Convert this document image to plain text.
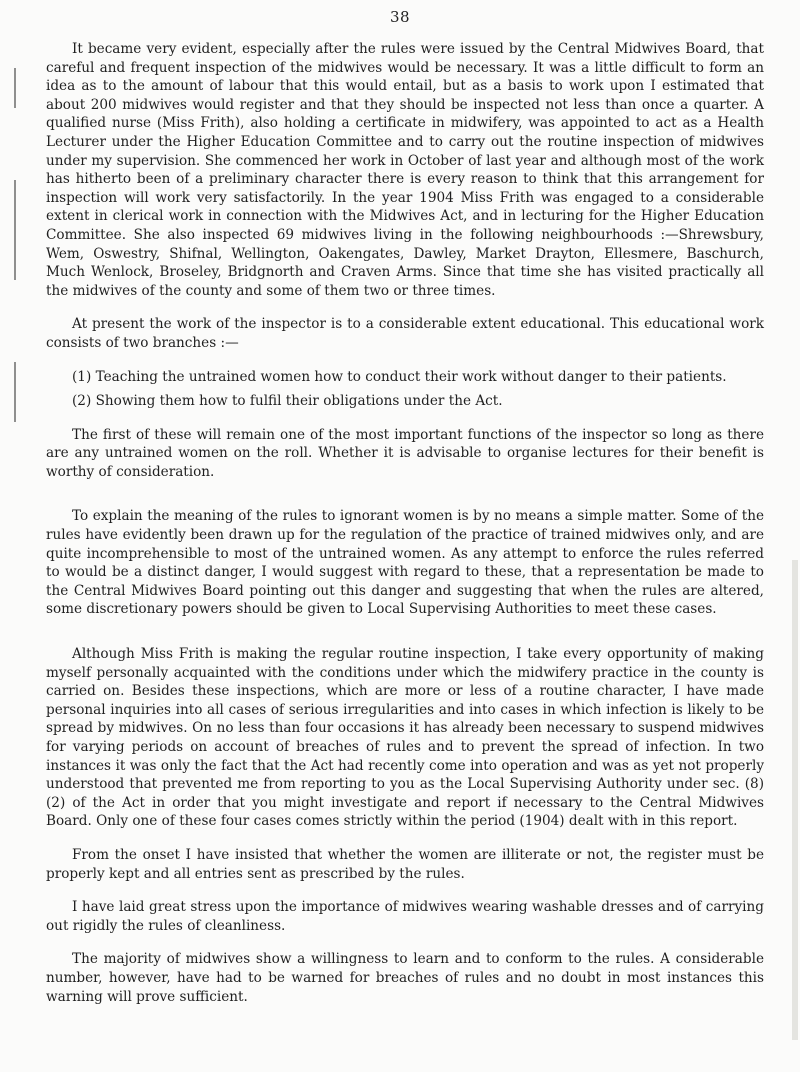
38

It became very evident, especially after the rules were issued by the Central Midwives Board, that careful and frequent inspection of the midwives would be necessary. It was a little difficult to form an idea as to the amount of labour that this would entail, but as a basis to work upon I estimated that about 200 midwives would register and that they should be inspected not less than once a quarter. A qualified nurse (Miss Frith), also holding a certificate in midwifery, was appointed to act as a Health Lecturer under the Higher Education Committee and to carry out the routine inspection of midwives under my supervision. She commenced her work in October of last year and although most of the work has hitherto been of a preliminary character there is every reason to think that this arrangement for inspection will work very satisfactorily. In the year 1904 Miss Frith was engaged to a considerable extent in clerical work in connection with the Midwives Act, and in lecturing for the Higher Education Committee. She also inspected 69 midwives living in the following neighbourhoods :—Shrewsbury, Wem, Oswestry, Shifnal, Wellington, Oakengates, Dawley, Market Drayton, Ellesmere, Baschurch, Much Wenlock, Broseley, Bridgnorth and Craven Arms. Since that time she has visited practically all the midwives of the county and some of them two or three times.

At present the work of the inspector is to a considerable extent educational. This educational work consists of two branches :—

(1) Teaching the untrained women how to conduct their work without danger to their patients.

(2) Showing them how to fulfil their obligations under the Act.

The first of these will remain one of the most important functions of the inspector so long as there are any untrained women on the roll. Whether it is advisable to organise lectures for their benefit is worthy of consideration.

To explain the meaning of the rules to ignorant women is by no means a simple matter. Some of the rules have evidently been drawn up for the regulation of the practice of trained midwives only, and are quite incomprehensible to most of the untrained women. As any attempt to enforce the rules referred to would be a distinct danger, I would suggest with regard to these, that a representation be made to the Central Midwives Board pointing out this danger and suggesting that when the rules are altered, some discretionary powers should be given to Local Supervising Authorities to meet these cases.

Although Miss Frith is making the regular routine inspection, I take every opportunity of making myself personally acquainted with the conditions under which the midwifery practice in the county is carried on. Besides these inspections, which are more or less of a routine character, I have made personal inquiries into all cases of serious irregularities and into cases in which infection is likely to be spread by midwives. On no less than four occasions it has already been necessary to suspend midwives for varying periods on account of breaches of rules and to prevent the spread of infection. In two instances it was only the fact that the Act had recently come into operation and was as yet not properly understood that prevented me from reporting to you as the Local Supervising Authority under sec. (8) (2) of the Act in order that you might investigate and report if necessary to the Central Midwives Board. Only one of these four cases comes strictly within the period (1904) dealt with in this report.

From the onset I have insisted that whether the women are illiterate or not, the register must be properly kept and all entries sent as prescribed by the rules.

I have laid great stress upon the importance of midwives wearing washable dresses and of carrying out rigidly the rules of cleanliness.

The majority of midwives show a willingness to learn and to conform to the rules. A considerable number, however, have had to be warned for breaches of rules and no doubt in most instances this warning will prove sufficient.
